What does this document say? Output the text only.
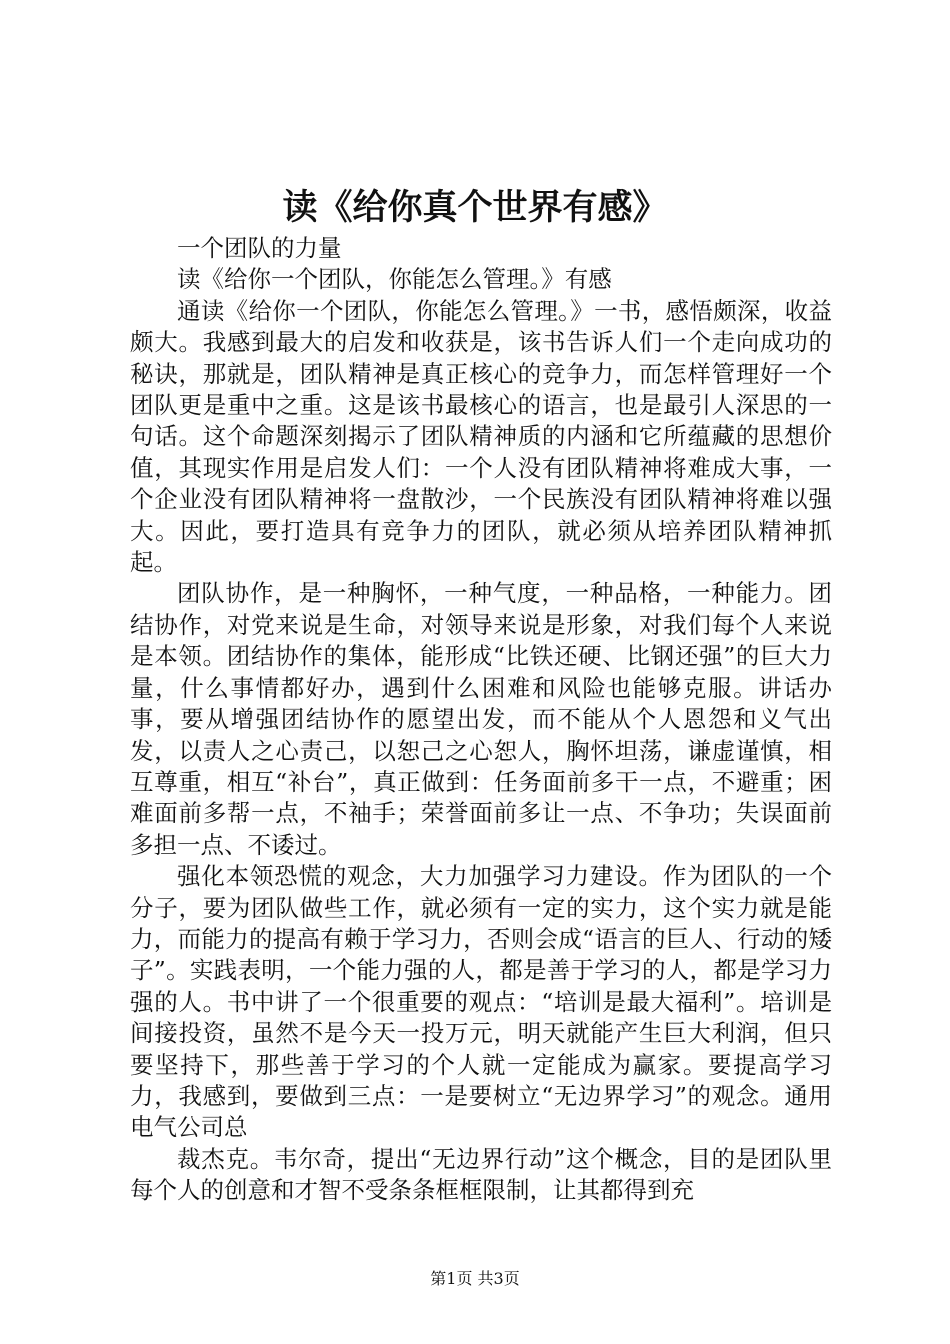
读《给你真个世界有感》

一个团队的力量

读《给你一个团队，你能怎么管理。》有感

通读《给你一个团队，你能怎么管理。》一书，感悟颇深，收益颇大。我感到最大的启发和收获是，该书告诉人们一个走向成功的秘诀，那就是，团队精神是真正核心的竞争力，而怎样管理好一个团队更是重中之重。这是该书最核心的语言，也是最引人深思的一句话。这个命题深刻揭示了团队精神质的内涵和它所蕴藏的思想价值，其现实作用是启发人们：一个人没有团队精神将难成大事，一个企业没有团队精神将一盘散沙，一个民族没有团队精神将难以强大。因此，要打造具有竞争力的团队，就必须从培养团队精神抓起。

团队协作，是一种胸怀，一种气度，一种品格，一种能力。团结协作，对党来说是生命，对领导来说是形象，对我们每个人来说是本领。团结协作的集体，能形成“比铁还硬、比钢还强”的巨大力量，什么事情都好办，遇到什么困难和风险也能够克服。讲话办事，要从增强团结协作的愿望出发，而不能从个人恩怨和义气出发，以责人之心责己，以恕己之心恕人，胸怀坦荡，谦虚谨慎，相互尊重，相互“补台”，真正做到：任务面前多干一点，不避重；困难面前多帮一点，不袖手；荣誉面前多让一点、不争功；失误面前多担一点、不诿过。

强化本领恐慌的观念，大力加强学习力建设。作为团队的一个分子，要为团队做些工作，就必须有一定的实力，这个实力就是能力，而能力的提高有赖于学习力，否则会成“语言的巨人、行动的矮子”。实践表明，一个能力强的人，都是善于学习的人，都是学习力强的人。书中讲了一个很重要的观点：“培训是最大福利”。培训是间接投资，虽然不是今天一投万元，明天就能产生巨大利润，但只要坚持下，那些善于学习的个人就一定能成为赢家。要提高学习力，我感到，要做到三点：一是要树立“无边界学习”的观念。通用电气公司总

裁杰克。韦尔奇，提出“无边界行动”这个概念，目的是团队里每个人的创意和才智不受条条框框限制，让其都得到充

第1页 共3页
